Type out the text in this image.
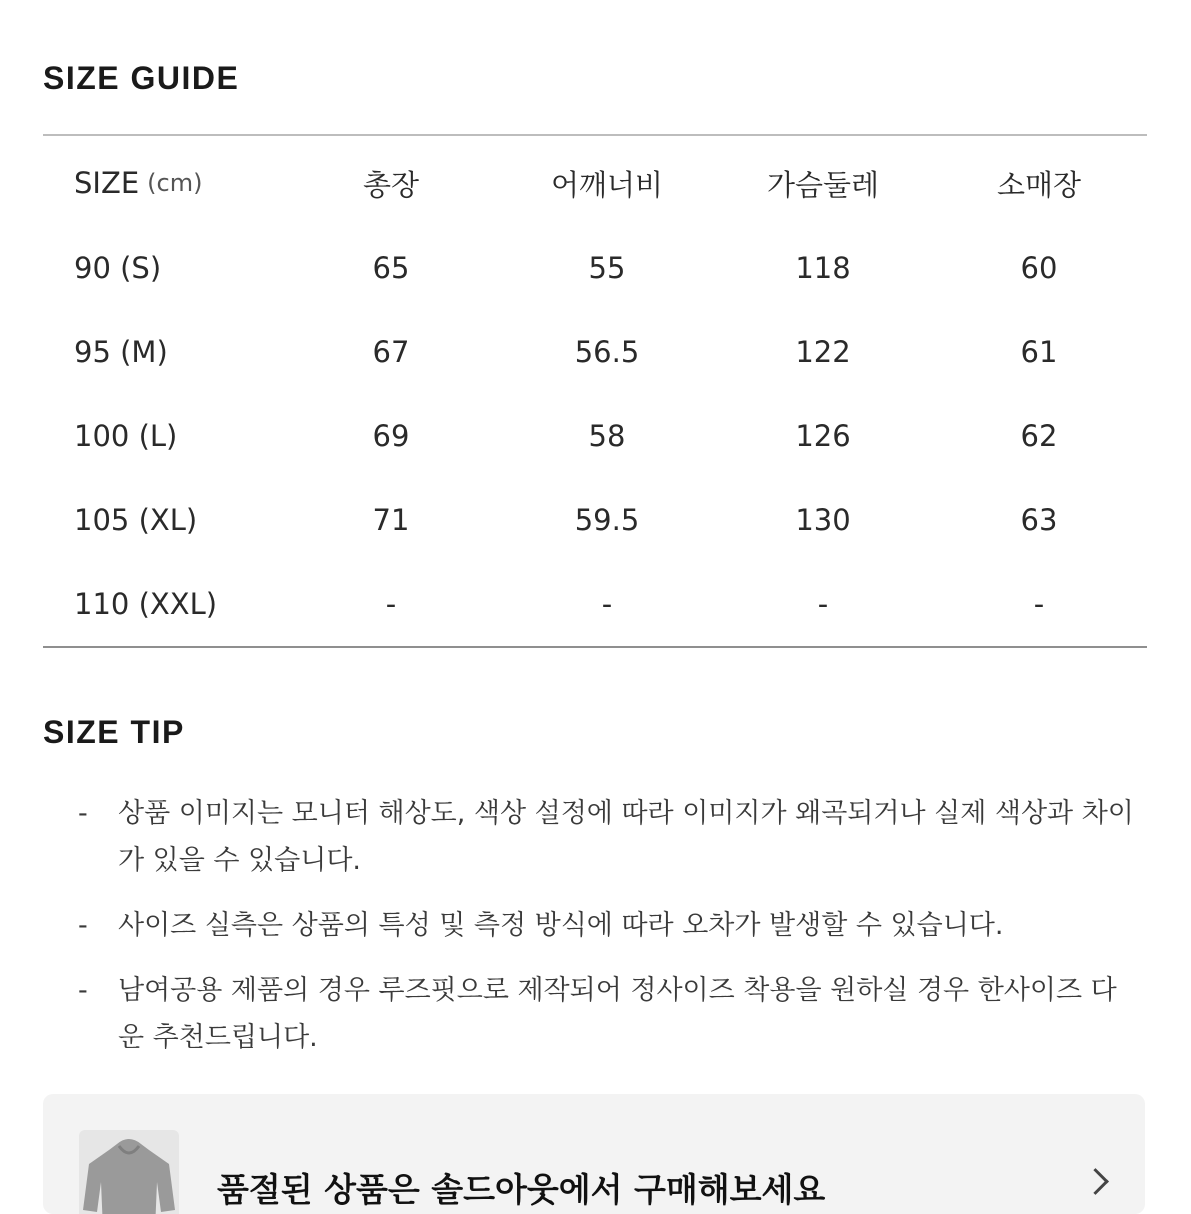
SIZE GUIDE
SIZE (cm)	총장	어깨너비	가슴둘레	소매장
90 (S)	65	55	118	60
95 (M)	67	56.5	122	61
100 (L)	69	58	126	62
105 (XL)	71	59.5	130	63
110 (XXL)	-	-	-	-
SIZE TIP
-	상품 이미지는 모니터 해상도, 색상 설정에 따라 이미지가 왜곡되거나 실제 색상과 차이가 있을 수 있습니다.
-	사이즈 실측은 상품의 특성 및 측정 방식에 따라 오차가 발생할 수 있습니다.
-	남여공용 제품의 경우 루즈핏으로 제작되어 정사이즈 착용을 원하실 경우 한사이즈 다운 추천드립니다.
품절된 상품은 솔드아웃에서 구매해보세요
